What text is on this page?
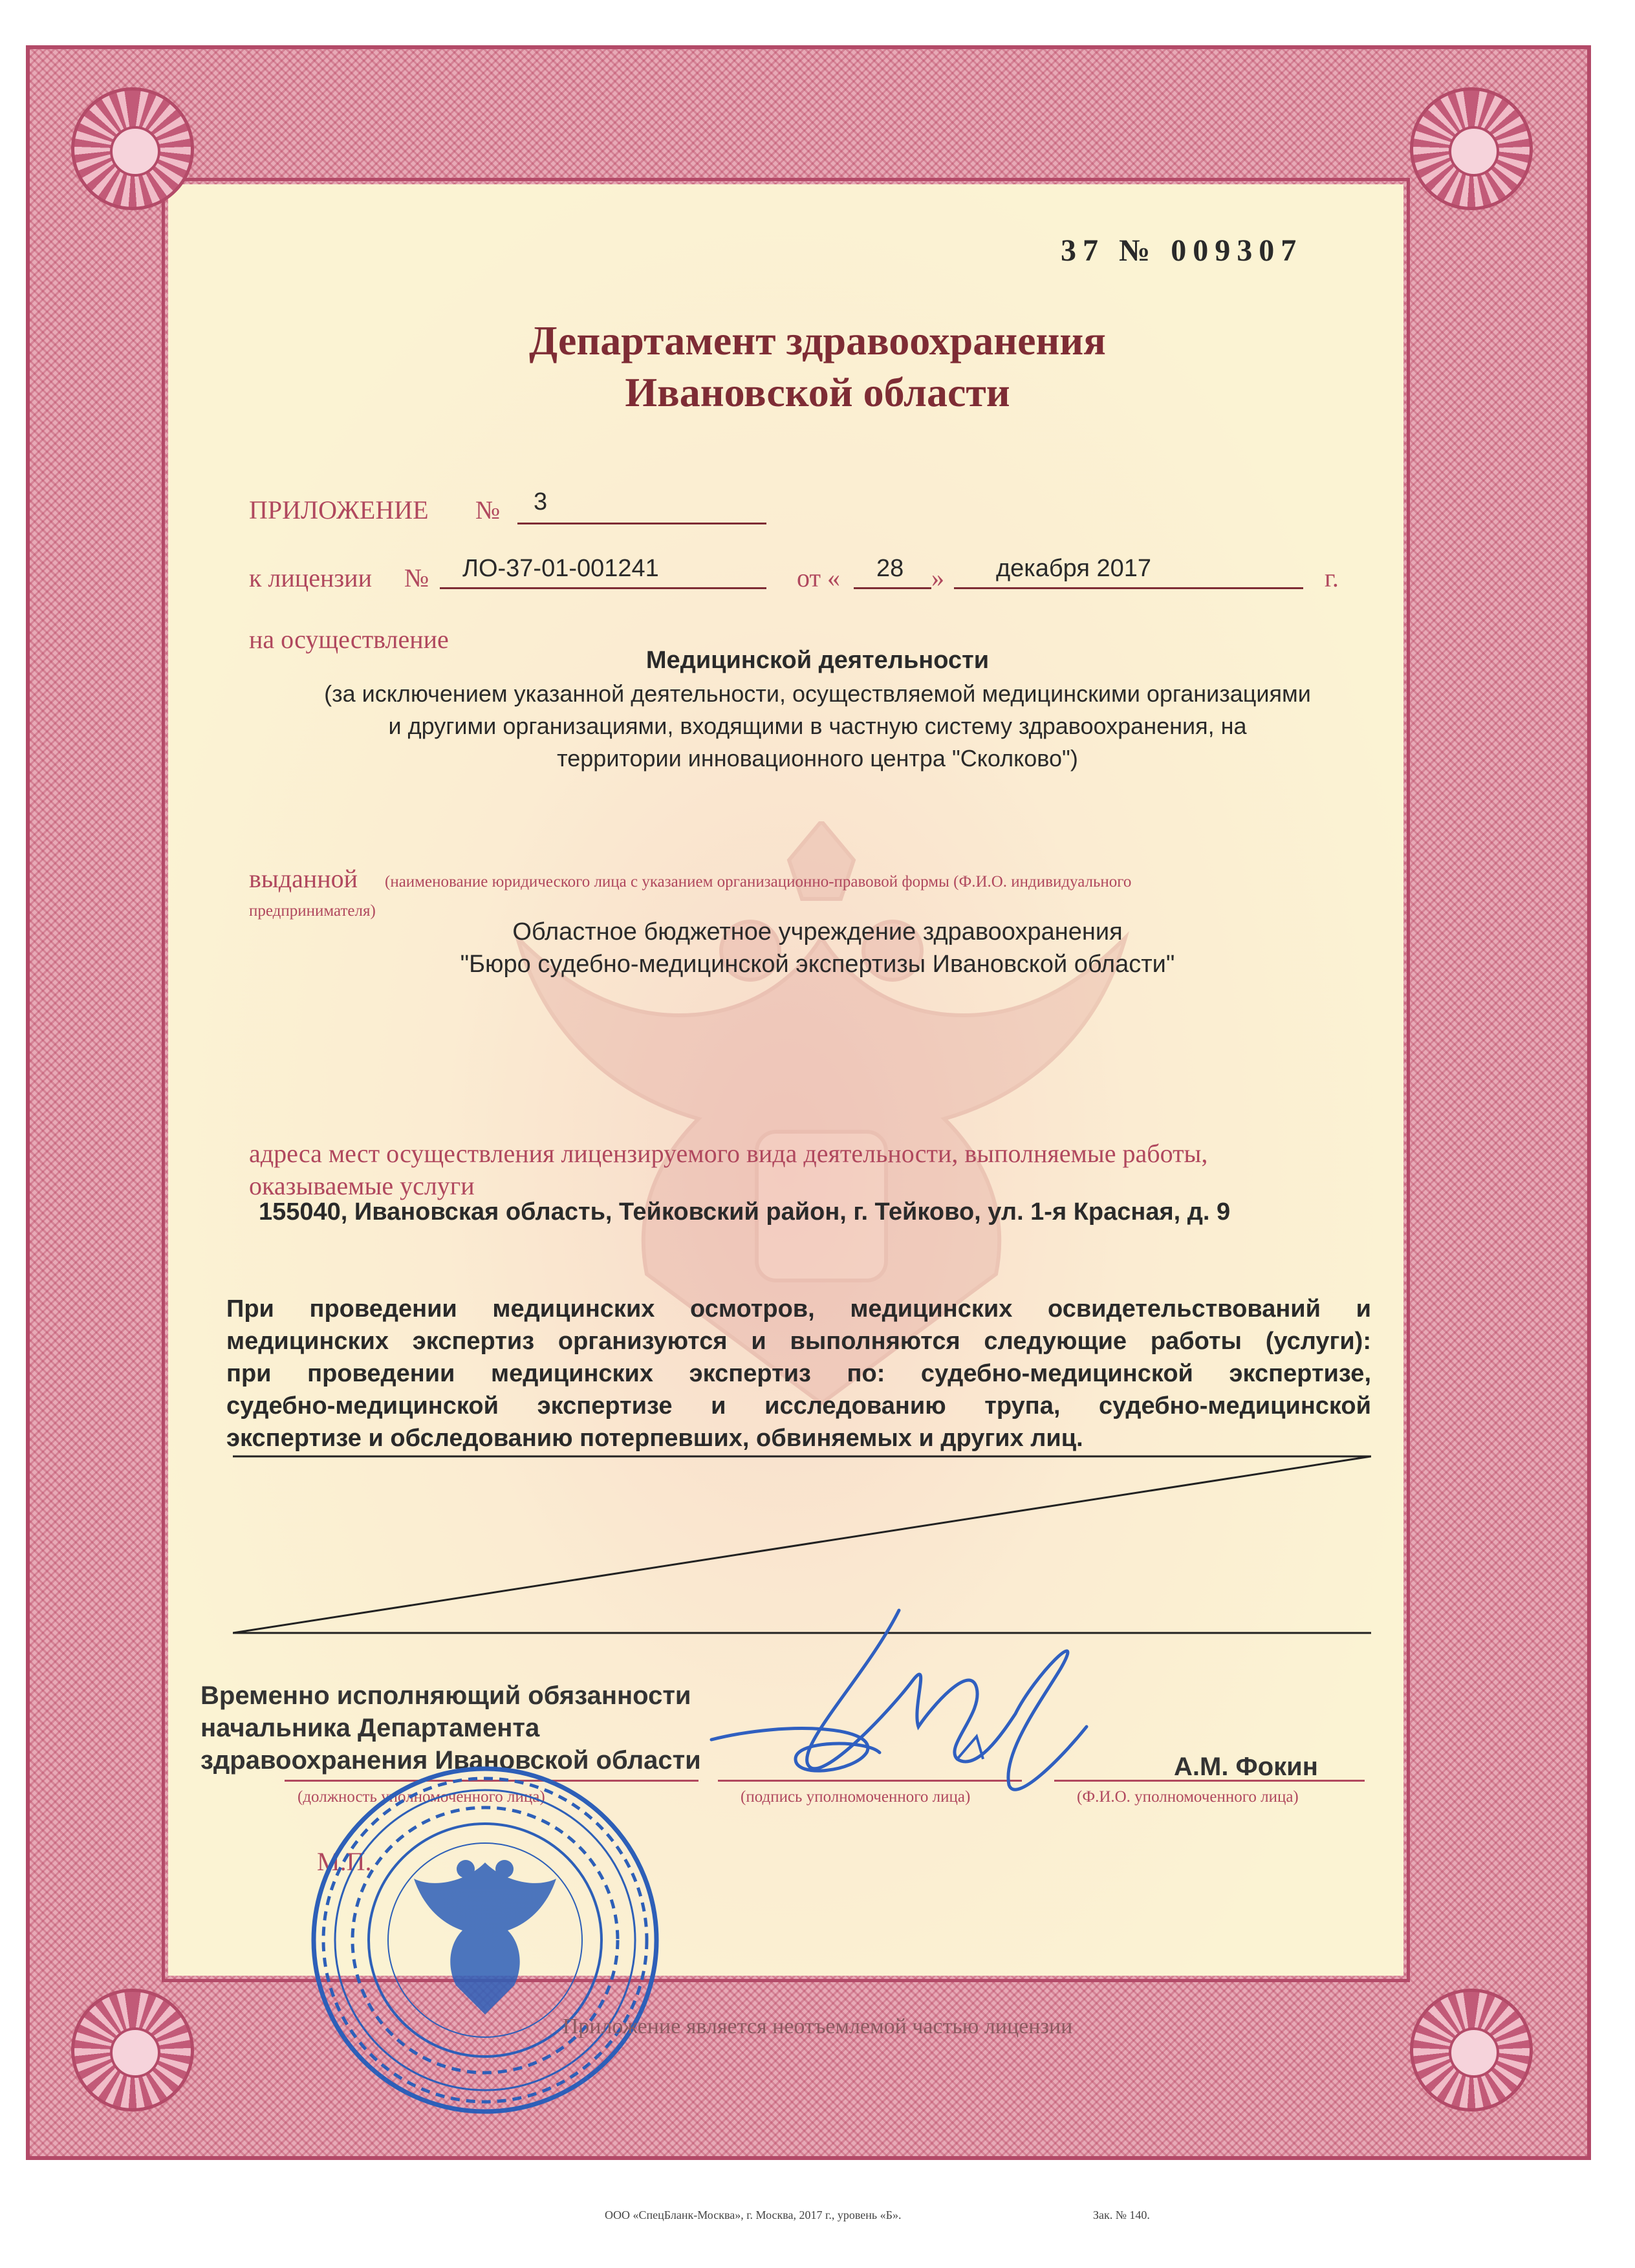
37 № 009307
Департамент здравоохранения
Ивановской области
ПРИЛОЖЕНИЕ № 3
к лицензии № ЛО-37-01-001241	от « 28 » декабря 2017	г.
на осуществление
Медицинской деятельности
(за исключением указанной деятельности, осуществляемой медицинскими организациями
и другими организациями, входящими в частную систему здравоохранения, на
территории инновационного центра "Сколково")
выданной (наименование юридического лица с указанием организационно-правовой формы (Ф.И.О. индивидуального
предпринимателя)
Областное бюджетное учреждение здравоохранения
"Бюро судебно-медицинской экспертизы Ивановской области"
адреса мест осуществления лицензируемого вида деятельности, выполняемые работы,
оказываемые услуги
155040, Ивановская область, Тейковский район, г. Тейково, ул. 1-я Красная, д. 9
При проведении медицинских осмотров, медицинских освидетельствований и
медицинских экспертиз организуются и выполняются следующие работы (услуги):
при проведении медицинских экспертиз по: судебно-медицинской экспертизе,
судебно-медицинской экспертизе и исследованию трупа, судебно-медицинской
экспертизе и обследованию потерпевших, обвиняемых и других лиц.
Временно исполняющий обязанности
начальника Департамента
здравоохранения Ивановской области	А.М. Фокин
(должность уполномоченного лица)	(подпись уполномоченного лица)	(Ф.И.О. уполномоченного лица)
М.П.
Приложение является неотъемлемой частью лицензии
ООО «СпецБланк-Москва», г. Москва, 2017 г., уровень «Б».	Зак. № 140.
